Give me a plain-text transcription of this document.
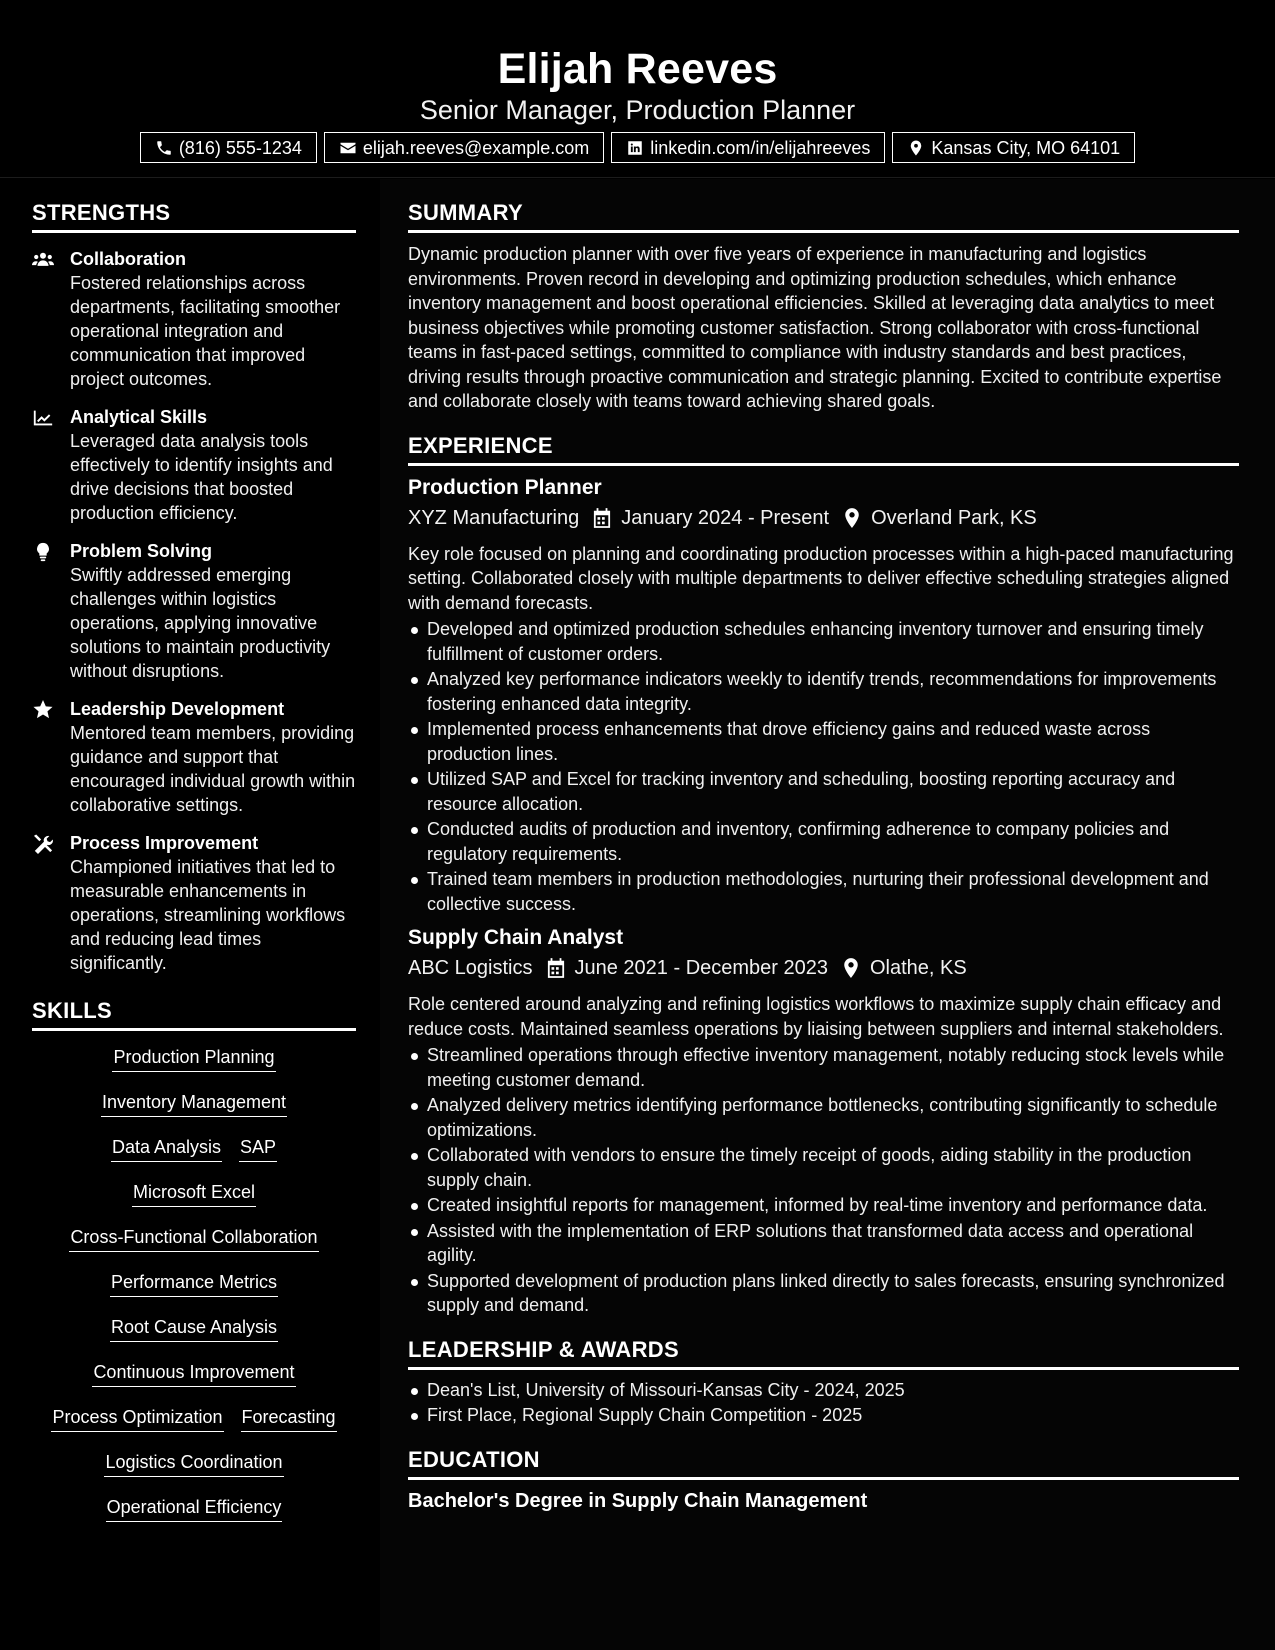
Elijah Reeves
Senior Manager, Production Planner
(816) 555-1234	elijah.reeves@example.com	linkedin.com/in/elijahreeves	Kansas City, MO 64101
STRENGTHS
Collaboration
Fostered relationships across departments, facilitating smoother operational integration and communication that improved project outcomes.
Analytical Skills
Leveraged data analysis tools effectively to identify insights and drive decisions that boosted production efficiency.
Problem Solving
Swiftly addressed emerging challenges within logistics operations, applying innovative solutions to maintain productivity without disruptions.
Leadership Development
Mentored team members, providing guidance and support that encouraged individual growth within collaborative settings.
Process Improvement
Championed initiatives that led to measurable enhancements in operations, streamlining workflows and reducing lead times significantly.
SKILLS
Production Planning
Inventory Management
Data Analysis SAP
Microsoft Excel
Cross-Functional Collaboration
Performance Metrics
Root Cause Analysis
Continuous Improvement
Process Optimization Forecasting
Logistics Coordination
Operational Efficiency
SUMMARY
Dynamic production planner with over five years of experience in manufacturing and logistics environments. Proven record in developing and optimizing production schedules, which enhance inventory management and boost operational efficiencies. Skilled at leveraging data analytics to meet business objectives while promoting customer satisfaction. Strong collaborator with cross-functional teams in fast-paced settings, committed to compliance with industry standards and best practices, driving results through proactive communication and strategic planning. Excited to contribute expertise and collaborate closely with teams toward achieving shared goals.
EXPERIENCE
Production Planner
XYZ Manufacturing January 2024 - Present Overland Park, KS
Key role focused on planning and coordinating production processes within a high-paced manufacturing setting. Collaborated closely with multiple departments to deliver effective scheduling strategies aligned with demand forecasts.
Developed and optimized production schedules enhancing inventory turnover and ensuring timely fulfillment of customer orders.
Analyzed key performance indicators weekly to identify trends, recommendations for improvements fostering enhanced data integrity.
Implemented process enhancements that drove efficiency gains and reduced waste across production lines.
Utilized SAP and Excel for tracking inventory and scheduling, boosting reporting accuracy and resource allocation.
Conducted audits of production and inventory, confirming adherence to company policies and regulatory requirements.
Trained team members in production methodologies, nurturing their professional development and collective success.
Supply Chain Analyst
ABC Logistics June 2021 - December 2023 Olathe, KS
Role centered around analyzing and refining logistics workflows to maximize supply chain efficacy and reduce costs. Maintained seamless operations by liaising between suppliers and internal stakeholders.
Streamlined operations through effective inventory management, notably reducing stock levels while meeting customer demand.
Analyzed delivery metrics identifying performance bottlenecks, contributing significantly to schedule optimizations.
Collaborated with vendors to ensure the timely receipt of goods, aiding stability in the production supply chain.
Created insightful reports for management, informed by real-time inventory and performance data.
Assisted with the implementation of ERP solutions that transformed data access and operational agility.
Supported development of production plans linked directly to sales forecasts, ensuring synchronized supply and demand.
LEADERSHIP & AWARDS
Dean's List, University of Missouri-Kansas City - 2024, 2025
First Place, Regional Supply Chain Competition - 2025
EDUCATION
Bachelor's Degree in Supply Chain Management
